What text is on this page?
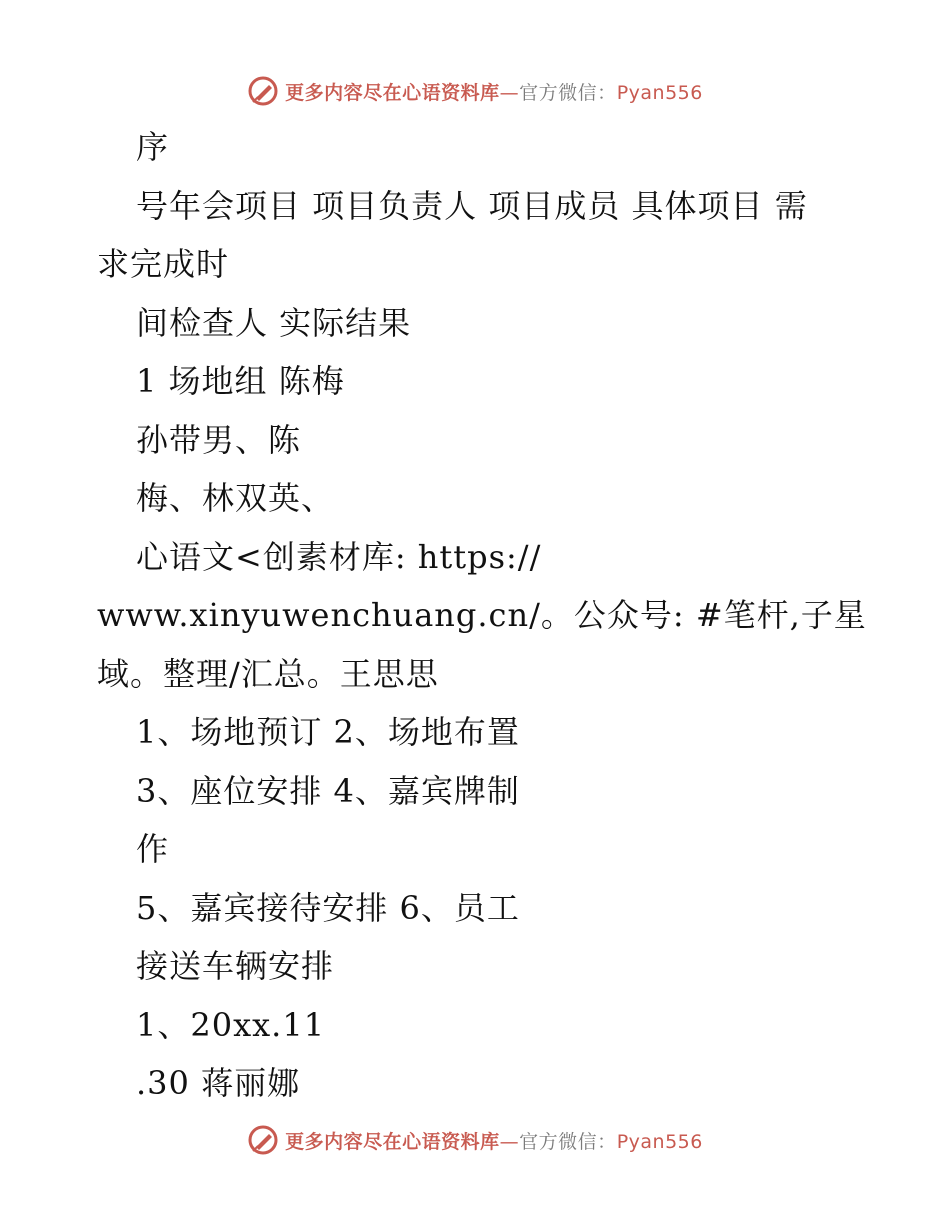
更多内容尽在心语资料库—官方微信：Pyan556
序
号年会项目 项目负责人 项目成员 具体项目 需
求完成时
间检查人 实际结果
1 场地组 陈梅
孙带男、陈
梅、林双英、
心语文<创素材库: https://
www.xinyuwenchuang.cn/。公众号: #笔杆,子星
域。整理/汇总。王思思
1、场地预订 2、场地布置
3、座位安排 4、嘉宾牌制
作
5、嘉宾接待安排 6、员工
接送车辆安排
1、20xx.11
.30 蒋丽娜
更多内容尽在心语资料库—官方微信：Pyan556
